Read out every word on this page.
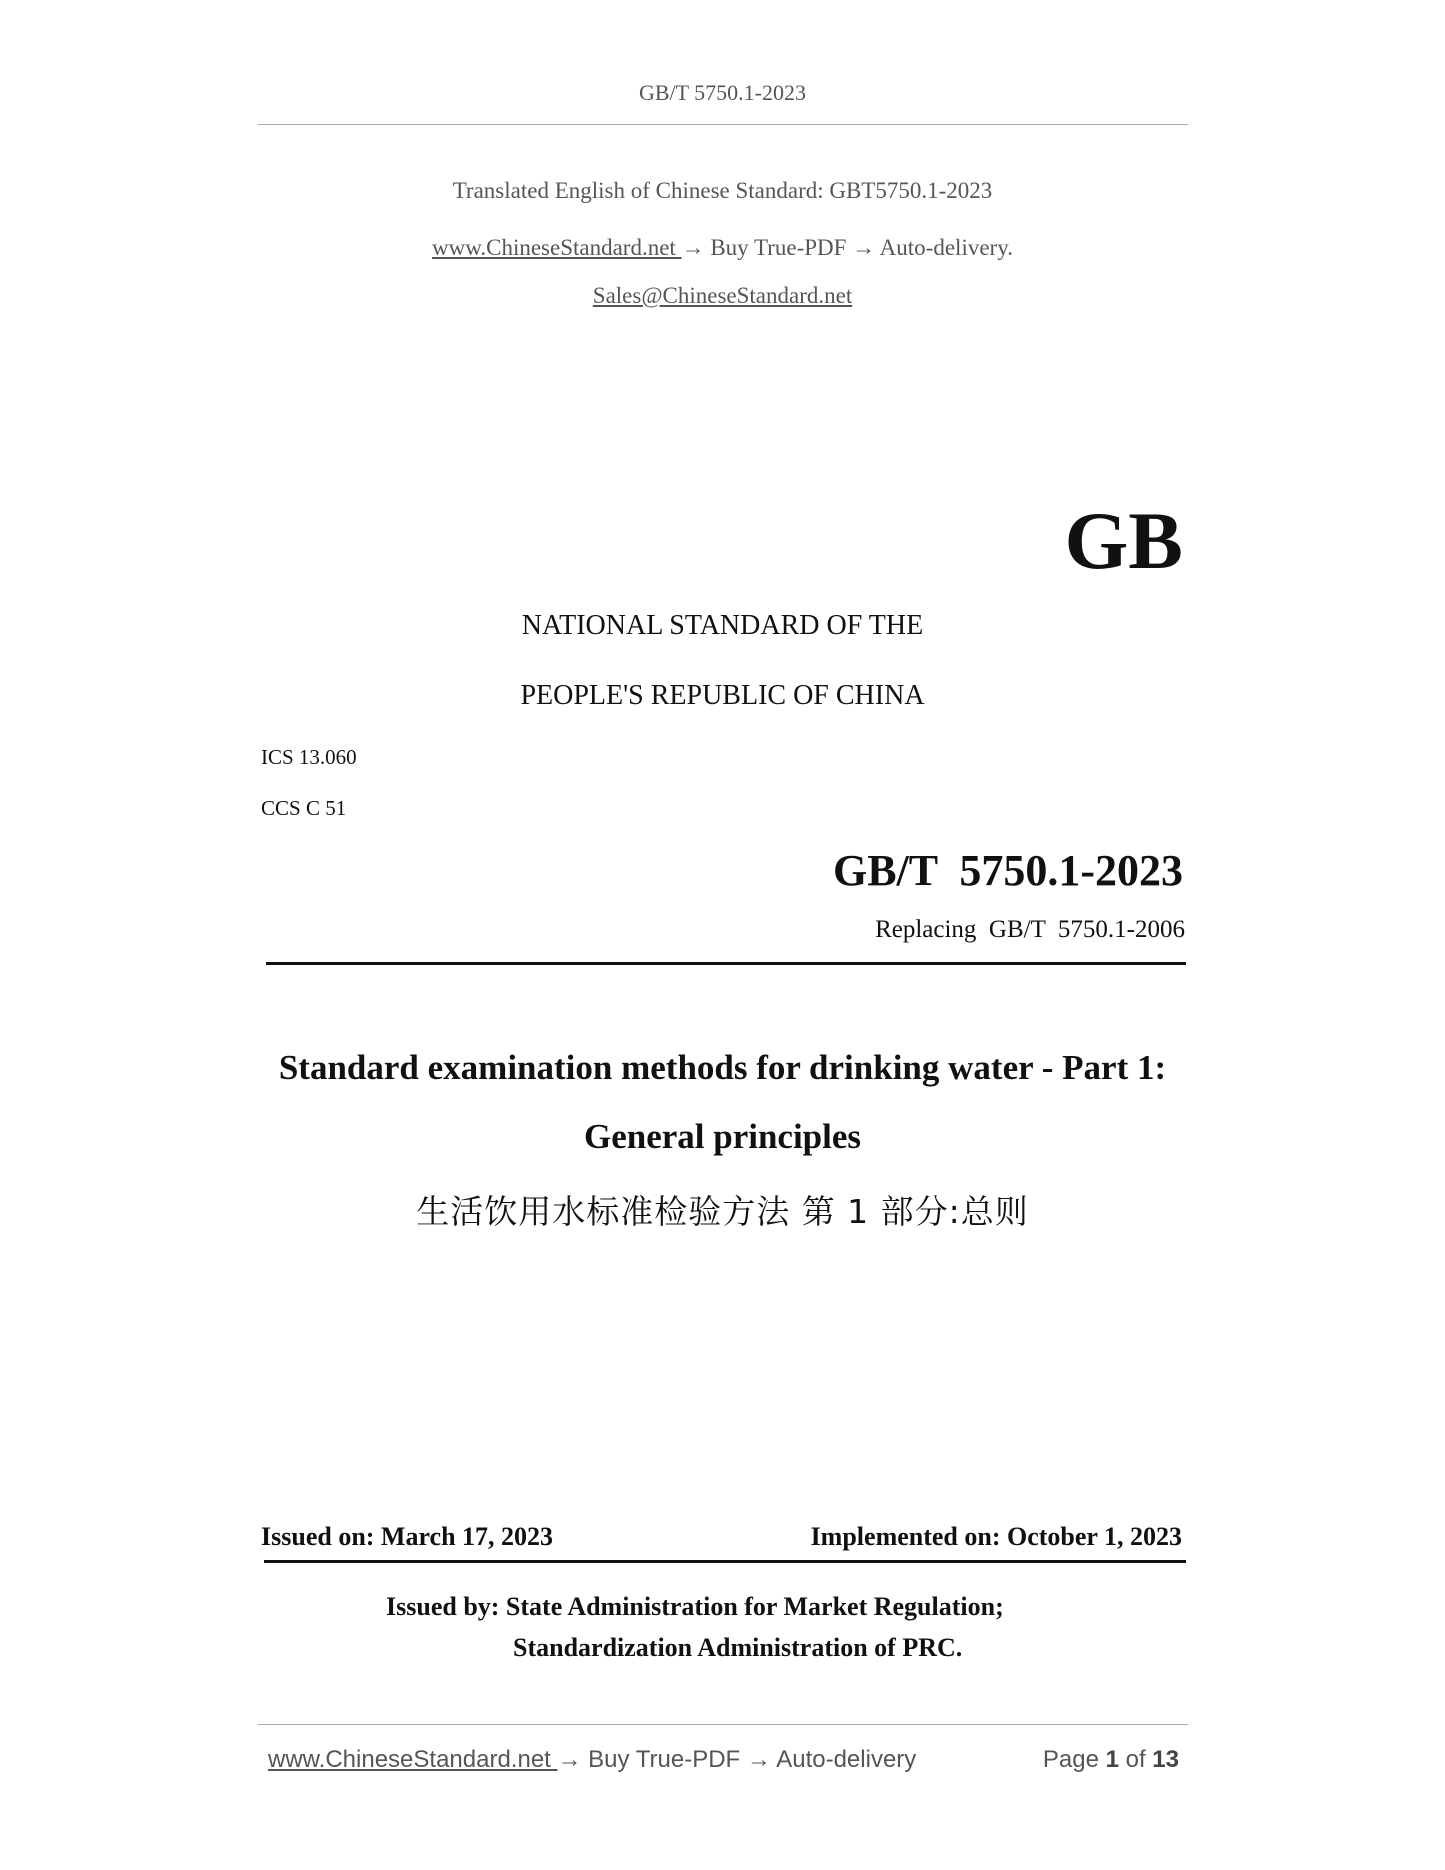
GB/T 5750.1-2023
Translated English of Chinese Standard: GBT5750.1-2023
www.ChineseStandard.net → Buy True-PDF → Auto-delivery.
Sales@ChineseStandard.net
GB
NATIONAL STANDARD OF THE
PEOPLE'S REPUBLIC OF CHINA
ICS 13.060
CCS C 51
GB/T  5750.1-2023
Replacing  GB/T  5750.1-2006
Standard examination methods for drinking water - Part 1:
General principles
生活饮用水标准检验方法 第 1 部分:总则
Issued on: March 17, 2023	Implemented on: October 1, 2023
Issued by: State Administration for Market Regulation;
Standardization Administration of PRC.
www.ChineseStandard.net → Buy True-PDF → Auto-delivery	Page 1 of 13
